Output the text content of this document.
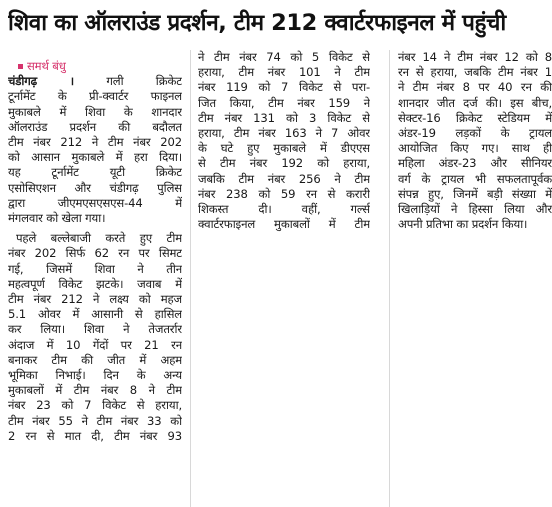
शिवा का ऑलराउंड प्रदर्शन, टीम 212 क्वार्टरफाइनल में पहुंची
समर्थ बंधु
चंडीगढ़ ।	गली क्रिकेट
टूर्नामेंट के प्री-क्वार्टर फाइनल
मुकाबले में शिवा के शानदार
ऑलराउंड प्रदर्शन की बदौलत
टीम नंबर 212 ने टीम नंबर 202
को आसान मुकाबले में हरा दिया।
यह टूर्नामेंट यूटी क्रिकेट
एसोसिएशन और चंडीगढ़ पुलिस
द्वारा जीएमएसएसएस-44 में
मंगलवार को खेला गया।
पहले बल्लेबाजी करते हुए टीम
नंबर 202 सिर्फ 62 रन पर सिमट
गई, जिसमें शिवा ने तीन
महत्वपूर्ण विकेट झटके। जवाब में
टीम नंबर 212 ने लक्ष्य को महज
5.1 ओवर में आसानी से हासिल
कर लिया। शिवा ने तेजतर्रार
अंदाज में 10 गेंदों पर 21 रन
बनाकर टीम की जीत में अहम
भूमिका निभाई। दिन के अन्य
मुकाबलों में टीम नंबर 8 ने टीम
नंबर 23 को 7 विकेट से हराया,
टीम नंबर 55 ने टीम नंबर 33 को
2 रन से मात दी, टीम नंबर 93
ने टीम नंबर 74 को 5 विकेट से
हराया, टीम नंबर 101 ने टीम
नंबर 119 को 7 विकेट से परा-
जित किया, टीम नंबर 159 ने
टीम नंबर 131 को 3 विकेट से
हराया, टीम नंबर 163 ने 7 ओवर
के घटे हुए मुकाबले में डीएएस
से टीम नंबर 192 को हराया,
जबकि टीम नंबर 256 ने टीम
नंबर 238 को 59 रन से करारी
शिकस्त दी। वहीं, गर्ल्स
क्वार्टरफाइनल मुकाबलों में टीम
नंबर 14 ने टीम नंबर 12 को 8
रन से हराया, जबकि टीम नंबर 1
ने टीम नंबर 8 पर 40 रन की
शानदार जीत दर्ज की। इस बीच,
सेक्टर-16 क्रिकेट स्टेडियम में
अंडर-19 लड़कों के ट्रायल
आयोजित किए गए। साथ ही
महिला अंडर-23 और सीनियर
वर्ग के ट्रायल भी सफलतापूर्वक
संपन्न हुए, जिनमें बड़ी संख्या में
खिलाड़ियों ने हिस्सा लिया और
अपनी प्रतिभा का प्रदर्शन किया।
